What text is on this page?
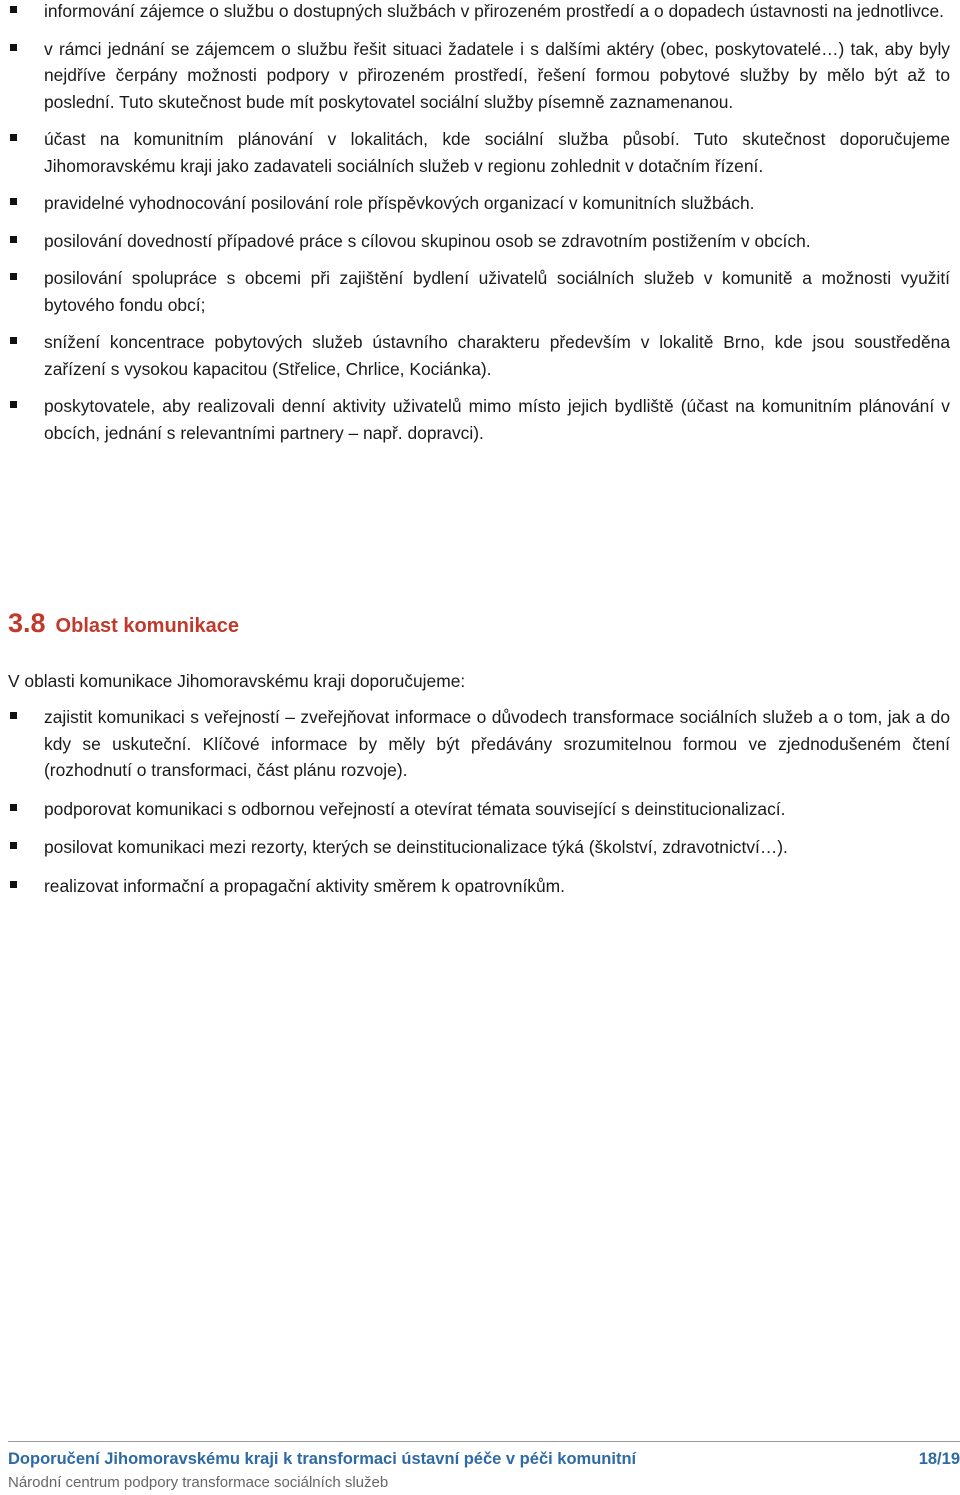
informování zájemce o službu o dostupných službách v přirozeném prostředí a o dopadech ústavnosti na jednotlivce.
v rámci jednání se zájemcem o službu řešit situaci žadatele i s dalšími aktéry (obec, poskytovatelé…) tak, aby byly nejdříve čerpány možnosti podpory v přirozeném prostředí, řešení formou pobytové služby by mělo být až to poslední. Tuto skutečnost bude mít poskytovatel sociální služby písemně zaznamenanou.
účast na komunitním plánování v lokalitách, kde sociální služba působí. Tuto skutečnost doporučujeme Jihomoravskému kraji jako zadavateli sociálních služeb v regionu zohlednit v dotačním řízení.
pravidelné vyhodnocování posilování role příspěvkových organizací v komunitních službách.
posilování dovedností případové práce s cílovou skupinou osob se zdravotním postižením v obcích.
posilování spolupráce s obcemi při zajištění bydlení uživatelů sociálních služeb v komunitě a možnosti využití bytového fondu obcí;
snížení koncentrace pobytových služeb ústavního charakteru především v lokalitě Brno, kde jsou soustředěna zařízení s vysokou kapacitou (Střelice, Chrlice, Kociánka).
poskytovatele, aby realizovali denní aktivity uživatelů mimo místo jejich bydliště (účast na komunitním plánování v obcích, jednání s relevantními partnery – např. dopravci).
3.8 Oblast komunikace
V oblasti komunikace Jihomoravskému kraji doporučujeme:
zajistit komunikaci s veřejností – zveřejňovat informace o důvodech transformace sociálních služeb a o tom, jak a do kdy se uskuteční. Klíčové informace by měly být předávány srozumitelnou formou ve zjednodušeném čtení (rozhodnutí o transformaci, část plánu rozvoje).
podporovat komunikaci s odbornou veřejností a otevírat témata související s deinstitucionalizací.
posilovat komunikaci mezi rezorty, kterých se deinstitucionalizace týká (školství, zdravotnictví…).
realizovat informační a propagační aktivity směrem k opatrovníkům.
Doporučení Jihomoravskému kraji k transformaci ústavní péče v péči komunitní	18/19
Národní centrum podpory transformace sociálních služeb
